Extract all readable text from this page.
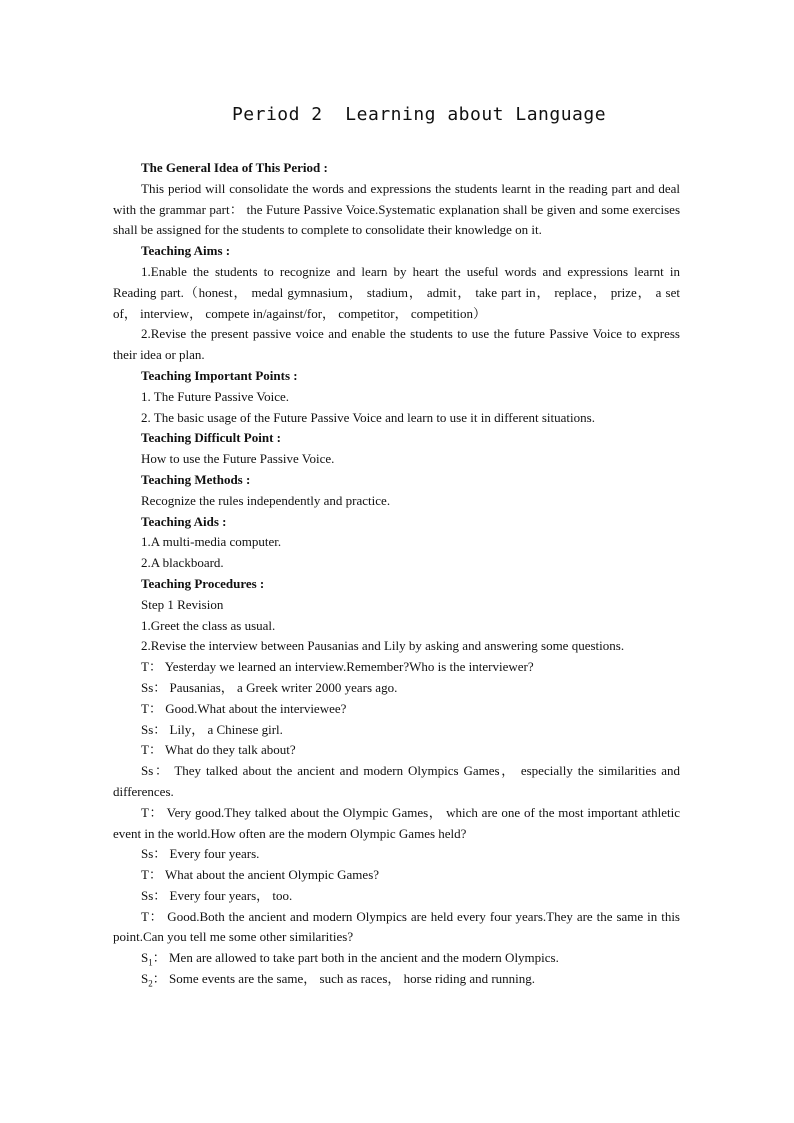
Period 2  Learning about Language

The General Idea of This Period :

This period will consolidate the words and expressions the students learnt in the reading part and deal with the grammar part： the Future Passive Voice.Systematic explanation shall be given and some exercises shall be assigned for the students to complete to consolidate their knowledge on it.

Teaching Aims :

1.Enable the students to recognize and learn by heart the useful words and expressions learnt in Reading part.（honest， medal gymnasium， stadium， admit， take part in， replace， prize， a set of， interview， compete in/against/for， competitor， competition）

2.Revise the present passive voice and enable the students to use the future Passive Voice to express their idea or plan.

Teaching Important Points :

1. The Future Passive Voice.

2. The basic usage of the Future Passive Voice and learn to use it in different situations.

Teaching Difficult Point :

How to use the Future Passive Voice.

Teaching Methods :

Recognize the rules independently and practice.

Teaching Aids :

1.A multi-media computer.

2.A blackboard.

Teaching Procedures :

Step 1 Revision

1.Greet the class as usual.

2.Revise the interview between Pausanias and Lily by asking and answering some questions.

T： Yesterday we learned an interview.Remember?Who is the interviewer?

Ss： Pausanias， a Greek writer 2000 years ago.

T： Good.What about the interviewee?

Ss： Lily， a Chinese girl.

T： What do they talk about?

Ss： They talked about the ancient and modern Olympics Games， especially the similarities and differences.

T： Very good.They talked about the Olympic Games， which are one of the most important athletic event in the world.How often are the modern Olympic Games held?

Ss： Every four years.

T： What about the ancient Olympic Games?

Ss： Every four years， too.

T： Good.Both the ancient and modern Olympics are held every four years.They are the same in this point.Can you tell me some other similarities?

$S_1$： Men are allowed to take part both in the ancient and the modern Olympics.

$S_2$： Some events are the same， such as races， horse riding and running.
